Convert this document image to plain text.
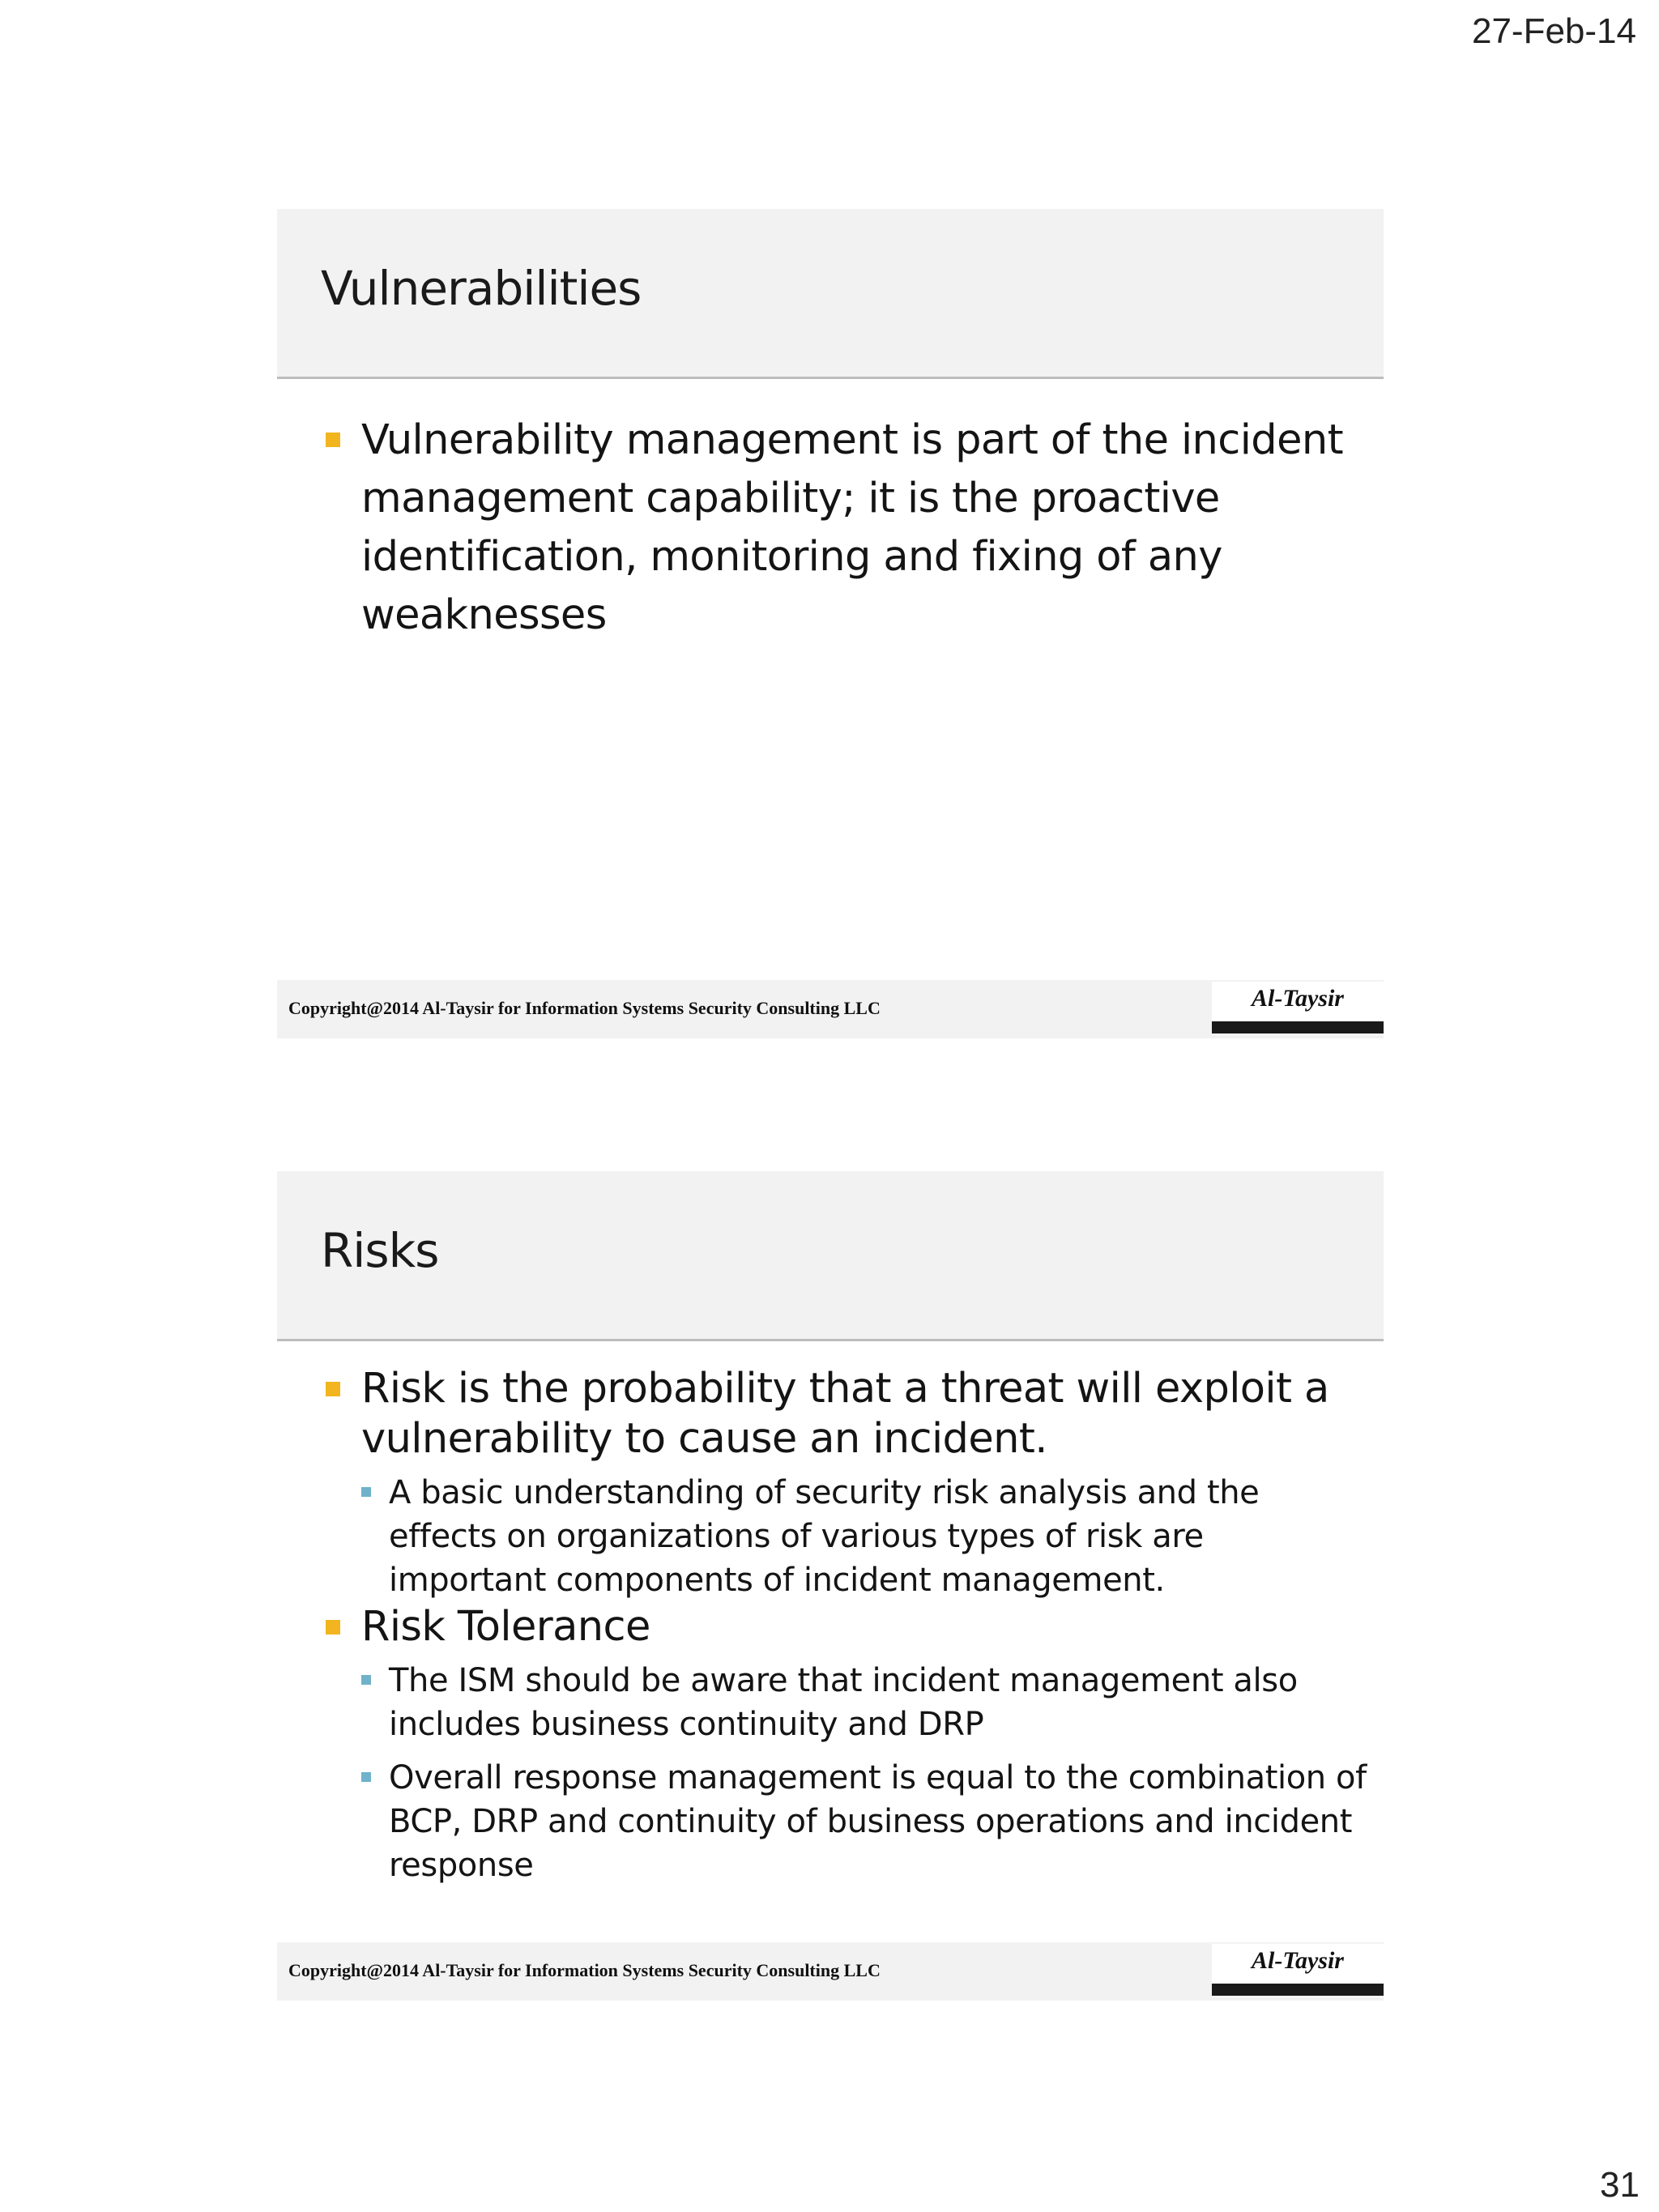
27-Feb-14
Vulnerabilities
Vulnerability management is part of the incident management capability; it is the proactive identification, monitoring and fixing of any weaknesses
Copyright@2014 Al-Taysir for Information Systems Security Consulting LLC	Al-Taysir
Risks
Risk is the probability that a threat will exploit a vulnerability to cause an incident.
A basic understanding of security risk analysis and the effects on organizations of various types of risk are important components of incident management.
Risk Tolerance
The ISM should be aware that incident management also includes business continuity and DRP
Overall response management is equal to the combination of BCP, DRP and continuity of business operations and incident response
Copyright@2014 Al-Taysir for Information Systems Security Consulting LLC	Al-Taysir
31
